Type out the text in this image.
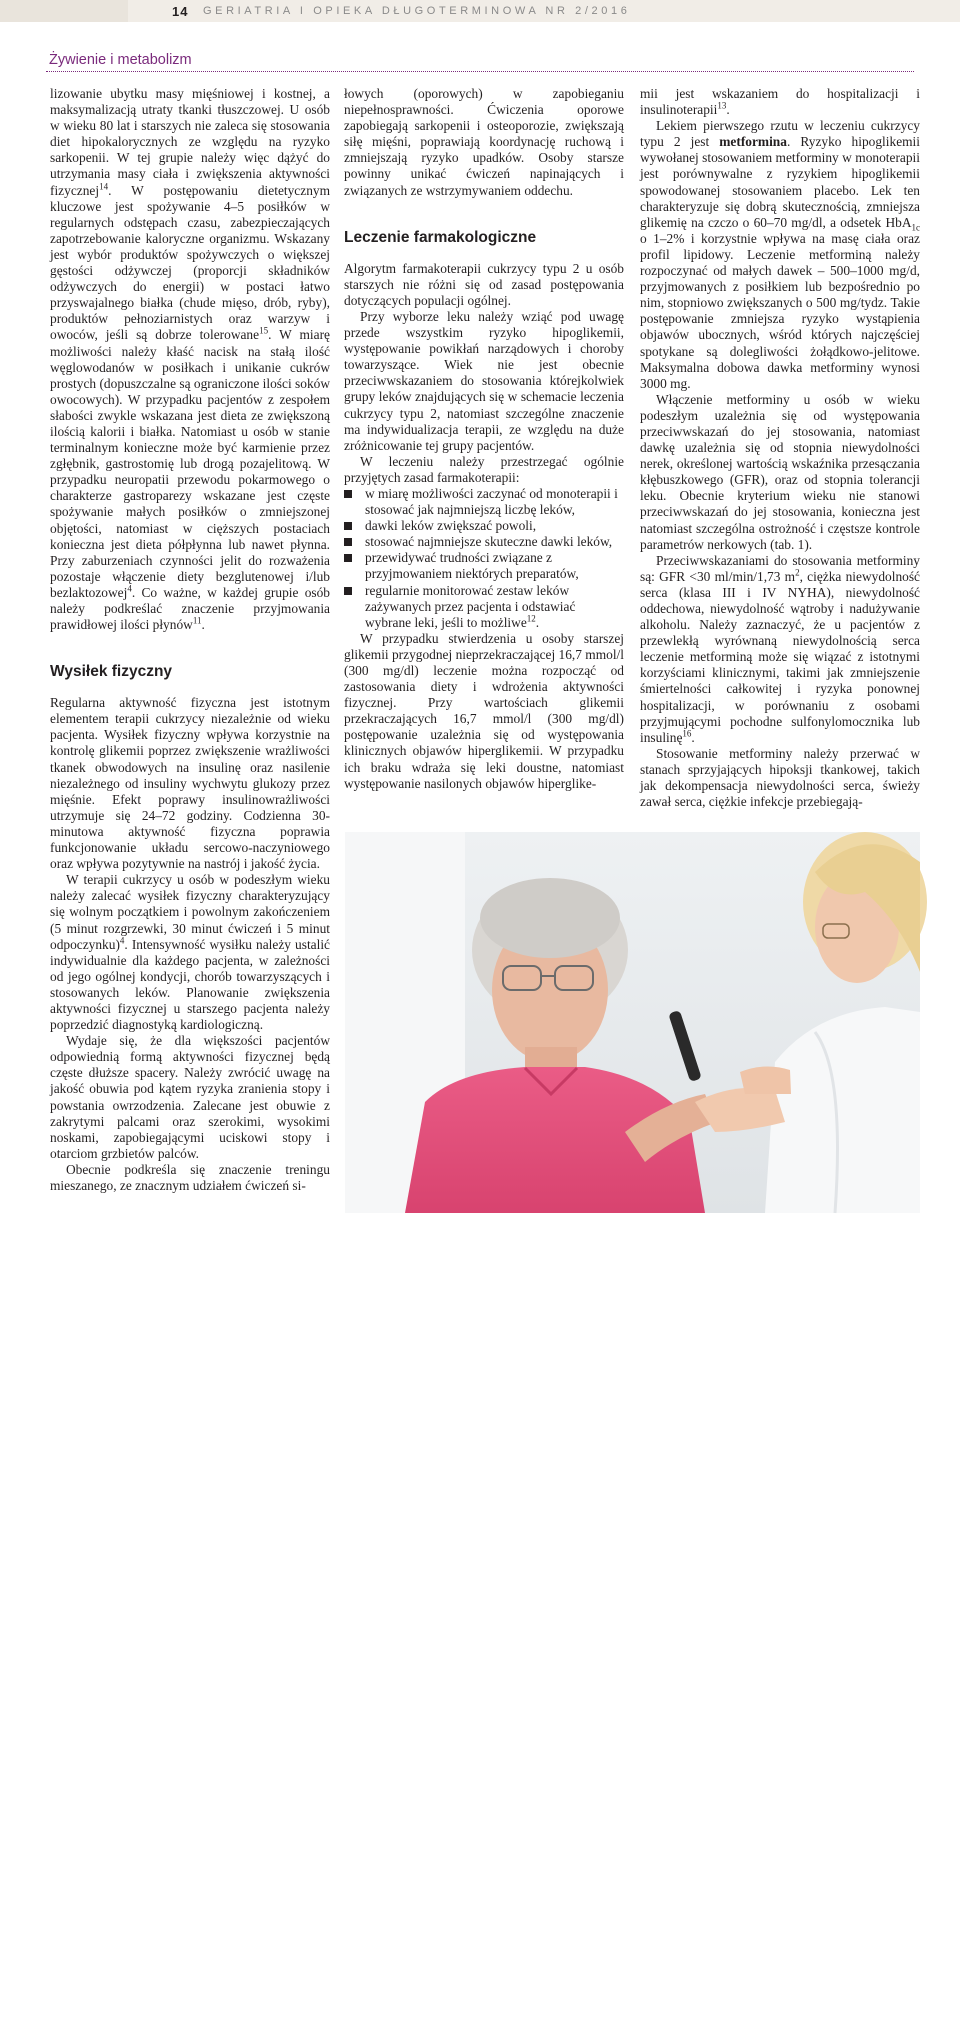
14 GERIATRIA I OPIEKA DŁUGOTERMINOWA NR 2/2016
Żywienie i metabolizm

lizowanie ubytku masy mięśniowej i kostnej, a maksymalizacją utraty tkanki tłuszczowej. U osób w wieku 80 lat i starszych nie zaleca się stosowania diet hipokalorycznych ze względu na ryzyko sarkopenii. W tej grupie należy więc dążyć do utrzymania masy ciała i zwiększenia aktywności fizycznej$^{14}$. W postępowaniu dietetycznym kluczowe jest spożywanie 4–5 posiłków w regularnych odstępach czasu, zabezpieczających zapotrzebowanie kaloryczne organizmu. Wskazany jest wybór produktów spożywczych o większej gęstości odżywczej (proporcji składników odżywczych do energii) w postaci łatwo przyswajalnego białka (chude mięso, drób, ryby), produktów pełnoziarnistych oraz warzyw i owoców, jeśli są dobrze tolerowane$^{15}$. W miarę możliwości należy kłaść nacisk na stałą ilość węglowodanów w posiłkach i unikanie cukrów prostych (dopuszczalne są ograniczone ilości soków owocowych). W przypadku pacjentów z zespołem słabości zwykle wskazana jest dieta ze zwiększoną ilością kalorii i białka. Natomiast u osób w stanie terminalnym konieczne może być karmienie przez zgłębnik, gastrostomię lub drogą pozajelitową. W przypadku neuropatii przewodu pokarmowego o charakterze gastroparezy wskazane jest częste spożywanie małych posiłków o zmniejszonej objętości, natomiast w cięższych postaciach konieczna jest dieta półpłynna lub nawet płynna. Przy zaburzeniach czynności jelit do rozważenia pozostaje włączenie diety bezglutenowej i/lub bezlaktozowej$^4$. Co ważne, w każdej grupie osób należy podkreślać znaczenie przyjmowania prawidłowej ilości płynów$^{11}$.

Wysiłek fizyczny

Regularna aktywność fizyczna jest istotnym elementem terapii cukrzycy niezależnie od wieku pacjenta. Wysiłek fizyczny wpływa korzystnie na kontrolę glikemii poprzez zwiększenie wrażliwości tkanek obwodowych na insulinę oraz nasilenie niezależnego od insuliny wychwytu glukozy przez mięśnie. Efekt poprawy insulinowrażliwości utrzymuje się 24–72 godziny. Codzienna 30-minutowa aktywność fizyczna poprawia funkcjonowanie układu sercowo-naczyniowego oraz wpływa pozytywnie na nastrój i jakość życia.

W terapii cukrzycy u osób w podeszłym wieku należy zalecać wysiłek fizyczny charakteryzujący się wolnym początkiem i powolnym zakończeniem (5 minut rozgrzewki, 30 minut ćwiczeń i 5 minut odpoczynku)$^4$. Intensywność wysiłku należy ustalić indywidualnie dla każdego pacjenta, w zależności od jego ogólnej kondycji, chorób towarzyszących i stosowanych leków. Planowanie zwiększenia aktywności fizycznej u starszego pacjenta należy poprzedzić diagnostyką kardiologiczną.

Wydaje się, że dla większości pacjentów odpowiednią formą aktywności fizycznej będą częste dłuższe spacery. Należy zwrócić uwagę na jakość obuwia pod kątem ryzyka zranienia stopy i powstania owrzodzenia. Zalecane jest obuwie z zakrytymi palcami oraz szerokimi, wysokimi noskami, zapobiegającymi uciskowi stopy i otarciom grzbietów palców.

Obecnie podkreśla się znaczenie treningu mieszanego, ze znacznym udziałem ćwiczeń si-

łowych (oporowych) w zapobieganiu niepełnosprawności. Ćwiczenia oporowe zapobiegają sarkopenii i osteoporozie, zwiększają siłę mięśni, poprawiają koordynację ruchową i zmniejszają ryzyko upadków. Osoby starsze powinny unikać ćwiczeń napinających i związanych ze wstrzymywaniem oddechu.

Leczenie farmakologiczne

Algorytm farmakoterapii cukrzycy typu 2 u osób starszych nie różni się od zasad postępowania dotyczących populacji ogólnej.

Przy wyborze leku należy wziąć pod uwagę przede wszystkim ryzyko hipoglikemii, występowanie powikłań narządowych i choroby towarzyszące. Wiek nie jest obecnie przeciwwskazaniem do stosowania którejkolwiek grupy leków znajdujących się w schemacie leczenia cukrzycy typu 2, natomiast szczególne znaczenie ma indywidualizacja terapii, ze względu na duże zróżnicowanie tej grupy pacjentów.

W leczeniu należy przestrzegać ogólnie przyjętych zasad farmakoterapii:

w miarę możliwości zaczynać od monoterapii i stosować jak najmniejszą liczbę leków,
dawki leków zwiększać powoli,
stosować najmniejsze skuteczne dawki leków,
przewidywać trudności związane z przyjmowaniem niektórych preparatów,
regularnie monitorować zestaw leków zażywanych przez pacjenta i odstawiać wybrane leki, jeśli to możliwe$^{12}$.

W przypadku stwierdzenia u osoby starszej glikemii przygodnej nieprzekraczającej 16,7 mmol/l (300 mg/dl) leczenie można rozpocząć od zastosowania diety i wdrożenia aktywności fizycznej. Przy wartościach glikemii przekraczających 16,7 mmol/l (300 mg/dl) postępowanie uzależnia się od występowania klinicznych objawów hiperglikemii. W przypadku ich braku wdraża się leki doustne, natomiast występowanie nasilonych objawów hiperglike-

mii jest wskazaniem do hospitalizacji i insulinoterapii$^{13}$.

Lekiem pierwszego rzutu w leczeniu cukrzycy typu 2 jest metformina. Ryzyko hipoglikemii wywołanej stosowaniem metforminy w monoterapii jest porównywalne z ryzykiem hipoglikemii spowodowanej stosowaniem placebo. Lek ten charakteryzuje się dobrą skutecznością, zmniejsza glikemię na czczo o 60–70 mg/dl, a odsetek HbA$_{1c}$ o 1–2% i korzystnie wpływa na masę ciała oraz profil lipidowy. Leczenie metforminą należy rozpoczynać od małych dawek – 500–1000 mg/d, przyjmowanych z posiłkiem lub bezpośrednio po nim, stopniowo zwiększanych o 500 mg/tydz. Takie postępowanie zmniejsza ryzyko wystąpienia objawów ubocznych, wśród których najczęściej spotykane są dolegliwości żołądkowo-jelitowe. Maksymalna dobowa dawka metforminy wynosi 3000 mg.

Włączenie metforminy u osób w wieku podeszłym uzależnia się od występowania przeciwwskazań do jej stosowania, natomiast dawkę uzależnia się od stopnia niewydolności nerek, określonej wartością wskaźnika przesączania kłębuszkowego (GFR), oraz od stopnia tolerancji leku. Obecnie kryterium wieku nie stanowi przeciwwskazań do jej stosowania, konieczna jest natomiast szczególna ostrożność i częstsze kontrole parametrów nerkowych (tab. 1).

Przeciwwskazaniami do stosowania metforminy są: GFR <30 ml/min/1,73 $m^2$, ciężka niewydolność serca (klasa III i IV NYHA), niewydolność oddechowa, niewydolność wątroby i nadużywanie alkoholu. Należy zaznaczyć, że u pacjentów z przewlekłą wyrównaną niewydolnością serca leczenie metforminą może się wiązać z istotnymi korzyściami klinicznymi, takimi jak zmniejszenie śmiertelności całkowitej i ryzyka ponownej hospitalizacji, w porównaniu z osobami przyjmującymi pochodne sulfonylomocznika lub insulinę$^{16}$.

Stosowanie metforminy należy przerwać w stanach sprzyjających hipoksji tkankowej, takich jak dekompensacja niewydolności serca, świeży zawał serca, ciężkie infekcje przebiegają-

© BakiBG, istock.com
